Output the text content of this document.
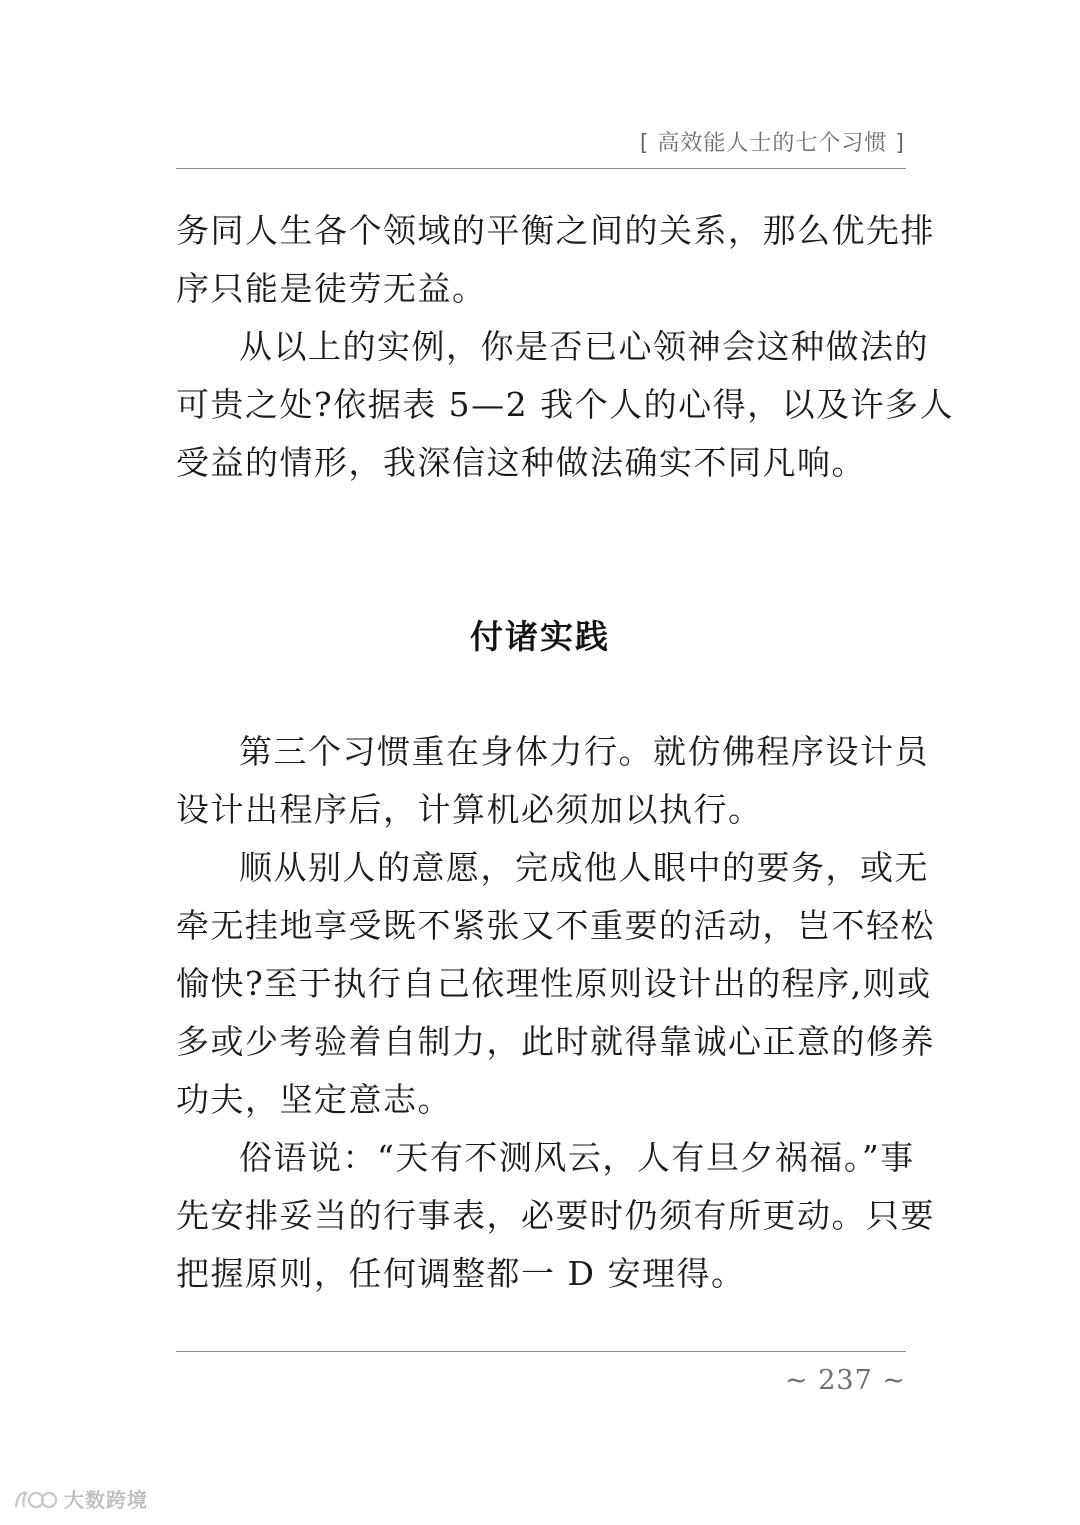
[ 高效能人士的七个习惯 ]
务同人生各个领域的平衡之间的关系，那么优先排
序只能是徒劳无益。
从以上的实例，你是否已心领神会这种做法的
可贵之处?依据表 5—2 我个人的心得，以及许多人
受益的情形，我深信这种做法确实不同凡响。
付诸实践
第三个习惯重在身体力行。就仿佛程序设计员
设计出程序后，计算机必须加以执行。
顺从别人的意愿，完成他人眼中的要务，或无
牵无挂地享受既不紧张又不重要的活动，岂不轻松
愉快?至于执行自己依理性原则设计出的程序,则或
多或少考验着自制力，此时就得靠诚心正意的修养
功夫，坚定意志。
俗语说：“天有不测风云，人有旦夕祸福。”事
先安排妥当的行事表，必要时仍须有所更动。只要
把握原则，任何调整都一 D 安理得。
~ 237 ~
大数跨境
